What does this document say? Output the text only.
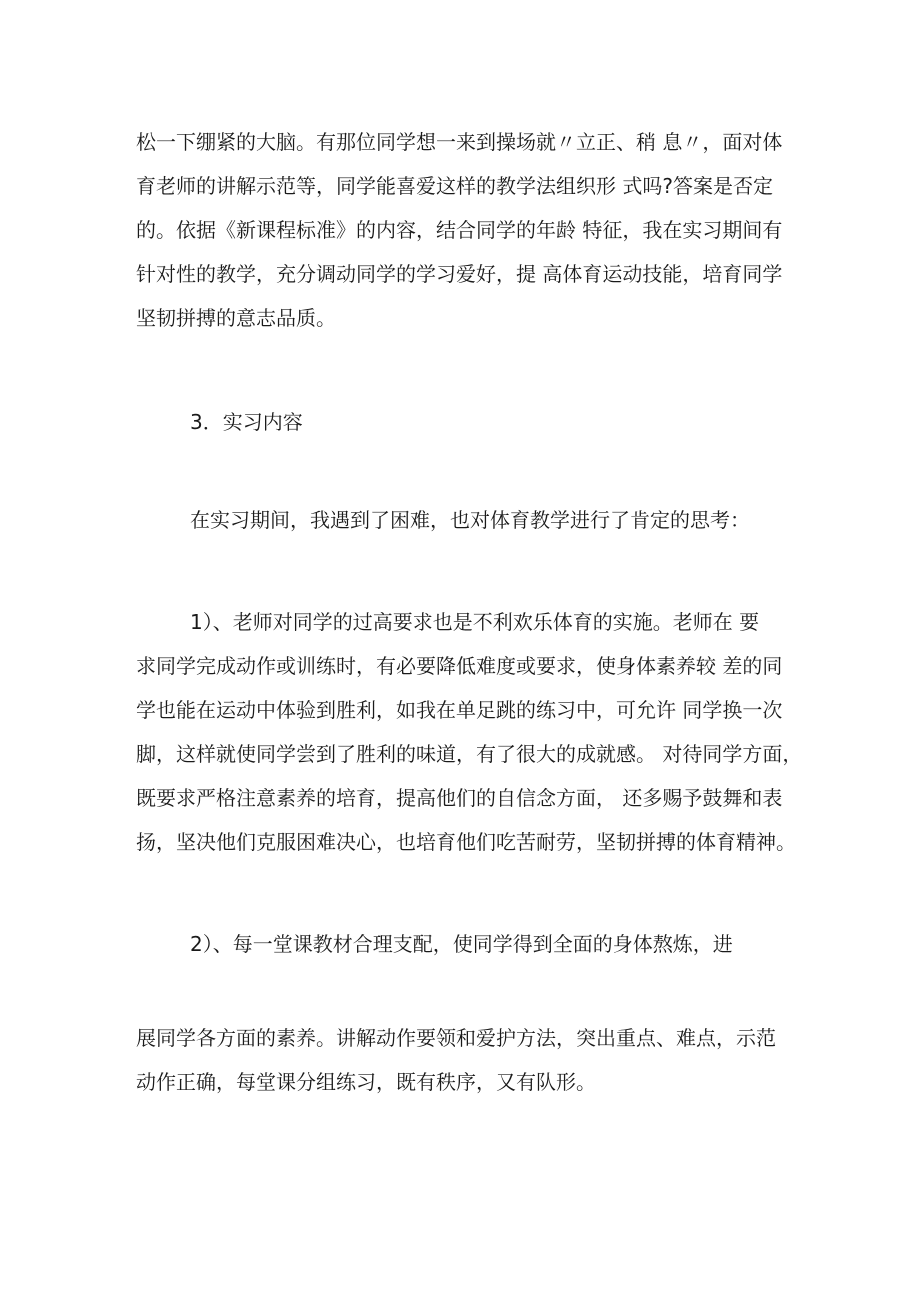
松一下绷紧的大脑。有那位同学想一来到操场就〃立正、稍 息〃，面对体
育老师的讲解示范等，同学能喜爱这样的教学法组织形 式吗?答案是否定
的。依据《新课程标准》的内容，结合同学的年龄 特征，我在实习期间有
针对性的教学，充分调动同学的学习爱好，提 高体育运动技能，培育同学
坚韧拼搏的意志品质。
3．实习内容
在实习期间，我遇到了困难，也对体育教学进行了肯定的思考：
1）、老师对同学的过高要求也是不利欢乐体育的实施。老师在 要
求同学完成动作或训练时，有必要降低难度或要求，使身体素养较 差的同
学也能在运动中体验到胜利，如我在单足跳的练习中，可允许 同学换一次
脚，这样就使同学尝到了胜利的味道，有了很大的成就感。 对待同学方面，
既要求严格注意素养的培育，提高他们的自信念方面， 还多赐予鼓舞和表
扬，坚决他们克服困难决心，也培育他们吃苦耐劳，坚韧拼搏的体育精神。
2）、每一堂课教材合理支配，使同学得到全面的身体熬炼，进
展同学各方面的素养。讲解动作要领和爱护方法，突出重点、难点，示范
动作正确，每堂课分组练习，既有秩序，又有队形。
